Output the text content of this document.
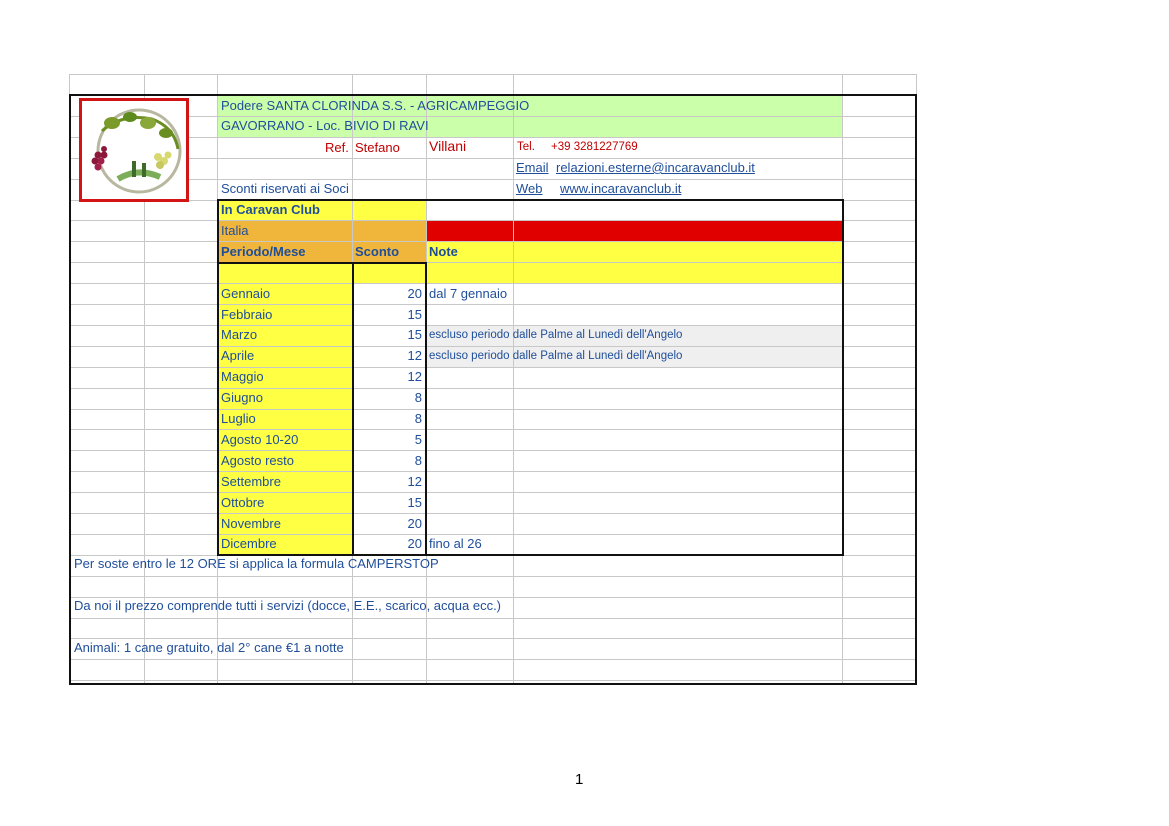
Podere SANTA CLORINDA S.S. - AGRICAMPEGGIO
GAVORRANO - Loc. BIVIO DI RAVI
Ref. Stefano Villani	Tel. +39 3281227769
Email relazioni.esterne@incaravanclub.it
Web www.incaravanclub.it
Sconti riservati ai Soci
In Caravan Club	2026
Italia
Periodo/Mese	Sconto Note
Gennaio	20 dal 7 gennaio
Febbraio	15
Marzo	15 escluso periodo dalle Palme al Lunedì dell'Angelo
Aprile	12 escluso periodo dalle Palme al Lunedì dell'Angelo
Maggio	12
Giugno	8
Luglio	8
Agosto 10-20	5
Agosto resto	8
Settembre	12
Ottobre	15
Novembre	20
Dicembre	20 fino al 26
Per soste entro le 12 ORE si applica la formula CAMPERSTOP
Da noi il prezzo comprende tutti i servizi (docce, E.E., scarico, acqua ecc.)
Animali: 1 cane gratuito, dal 2° cane €1 a notte
1
